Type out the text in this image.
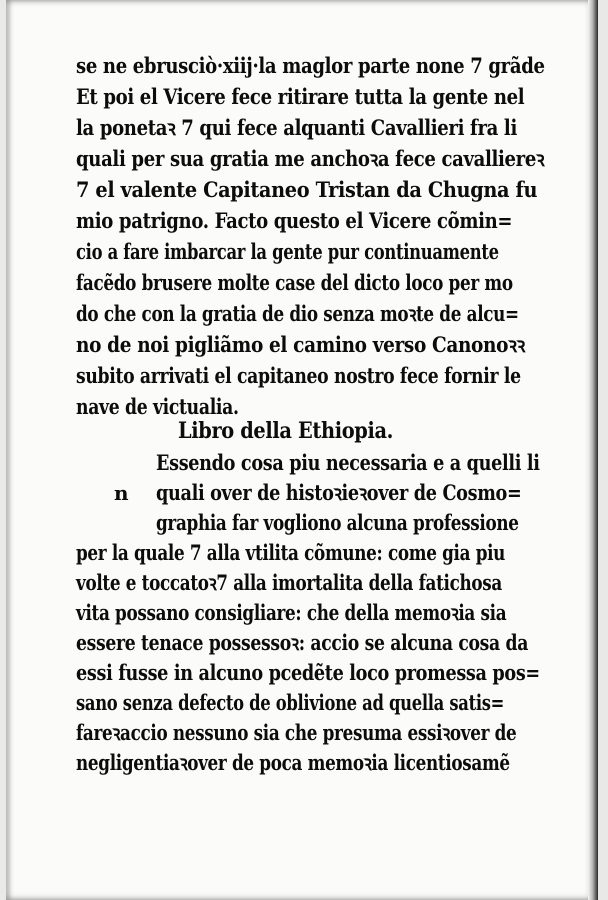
se ne ebrusciò·xiij·la maglor parte none 7 grãde
Et poi el Vicere fece ritirare tutta la gente nel
la ponetaꝛ 7 qui fece alquanti Cavallieri fra li
quali per sua gratia me anchoꝛa fece cavalliereꝛ
7 el valente Capitaneo Tristan da Chugna fu
mio patrigno. Facto questo el Vicere cõmin=
cio a fare imbarcar la gente pur continuamente
facẽdo brusere molte case del dicto loco per mo
do che con la gratia de dio senza moꝛte de alcu=
no de noi pigliãmo el camino verso Canonoꝛꝛ
subito arrivati el capitaneo nostro fece fornir le
nave de victualia.
Libro della Ethiopia.
Essendo cosa piu necessaria e a quelli li
n quali over de histoꝛieꝛover de Cosmo=
graphia far vogliono alcuna professione
per la quale 7 alla vtilita cõmune: come gia piu
volte e toccatoꝛ7 alla imortalita della fatichosa
vita possano consigliare: che della memoꝛia sia
essere tenace possessoꝛ: accio se alcuna cosa da
essi fusse in alcuno pcedẽte loco promessa pos=
sano senza defecto de oblivione ad quella satis=
fareꝛaccio nessuno sia che presuma essiꝛover de
negligentiaꝛover de poca memoꝛia licentiosamẽ
